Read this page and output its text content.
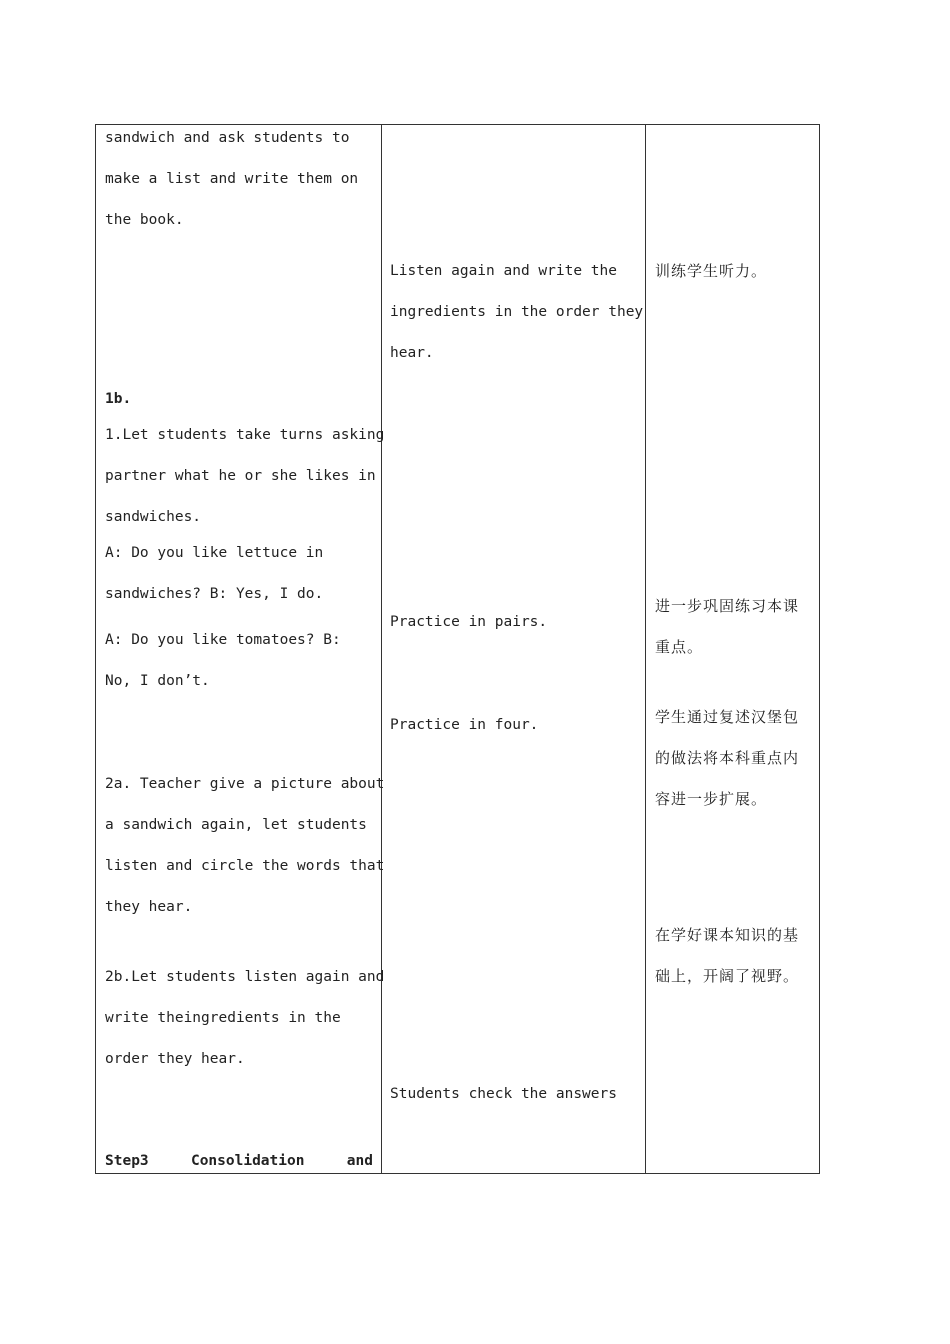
sandwich and ask students to
make a list and write them on
the book.
1b.
1.Let students take turns asking
partner what he or she likes in
sandwiches.
A: Do you like lettuce in
sandwiches? B: Yes, I do.
A: Do you like tomatoes? B:
No, I don’t.
2a. Teacher give a picture about
a sandwich again, let students
listen and circle the words that
they hear.
2b.Let students listen again and
write theingredients in the
order they hear.
Step3	Consolidation	and
Listen again and write the
ingredients in the order they
hear.
Practice in pairs.
Practice in four.
Students check the answers
训练学生听力。
进一步巩固练习本课
重点。
学生通过复述汉堡包
的做法将本科重点内
容进一步扩展。
在学好课本知识的基
础上，开阔了视野。
